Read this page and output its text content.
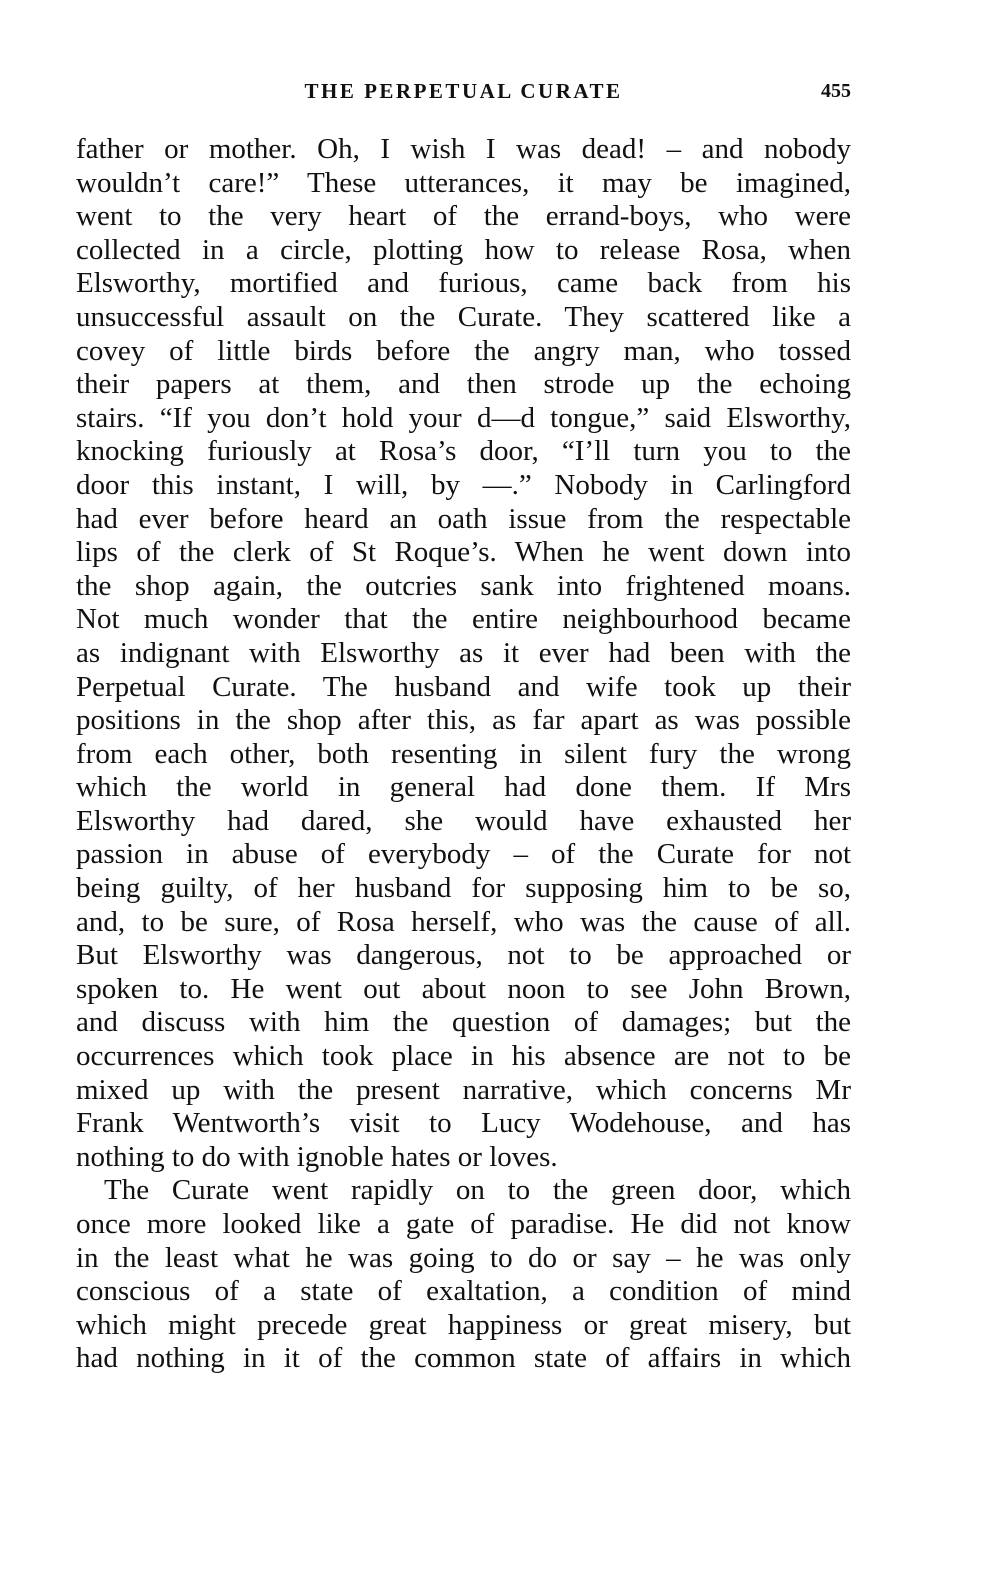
THE PERPETUAL CURATE	455
father or mother. Oh, I wish I was dead! – and nobody
wouldn’t care!” These utterances, it may be imagined,
went to the very heart of the errand-boys, who were
collected in a circle, plotting how to release Rosa, when
Elsworthy, mortified and furious, came back from his
unsuccessful assault on the Curate. They scattered like a
covey of little birds before the angry man, who tossed
their papers at them, and then strode up the echoing
stairs. “If you don’t hold your d—d tongue,” said Elsworthy,
knocking furiously at Rosa’s door, “I’ll turn you to the
door this instant, I will, by —.” Nobody in Carlingford
had ever before heard an oath issue from the respectable
lips of the clerk of St Roque’s. When he went down into
the shop again, the outcries sank into frightened moans.
Not much wonder that the entire neighbourhood became
as indignant with Elsworthy as it ever had been with the
Perpetual Curate. The husband and wife took up their
positions in the shop after this, as far apart as was possible
from each other, both resenting in silent fury the wrong
which the world in general had done them. If Mrs
Elsworthy had dared, she would have exhausted her
passion in abuse of everybody – of the Curate for not
being guilty, of her husband for supposing him to be so,
and, to be sure, of Rosa herself, who was the cause of all.
But Elsworthy was dangerous, not to be approached or
spoken to. He went out about noon to see John Brown,
and discuss with him the question of damages; but the
occurrences which took place in his absence are not to be
mixed up with the present narrative, which concerns Mr
Frank Wentworth’s visit to Lucy Wodehouse, and has
nothing to do with ignoble hates or loves.
The Curate went rapidly on to the green door, which
once more looked like a gate of paradise. He did not know
in the least what he was going to do or say – he was only
conscious of a state of exaltation, a condition of mind
which might precede great happiness or great misery, but
had nothing in it of the common state of affairs in which
